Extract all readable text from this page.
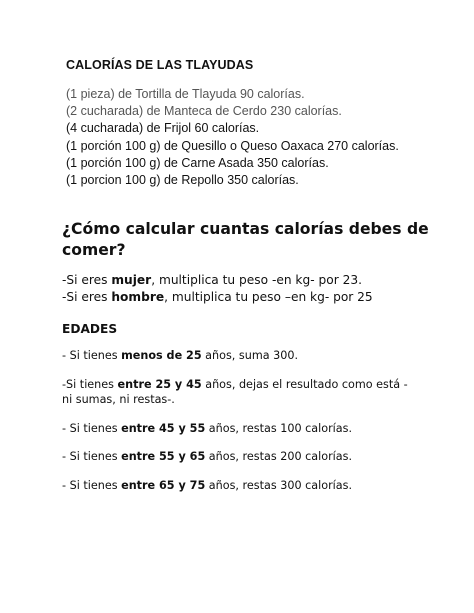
CALORÍAS DE LAS TLAYUDAS
(1 pieza) de Tortilla de Tlayuda 90 calorías.
(2 cucharada) de Manteca de Cerdo 230 calorías.
(4 cucharada) de Frijol 60 calorías.
(1 porción 100 g) de Quesillo o Queso Oaxaca 270 calorías.
(1 porción 100 g) de Carne Asada 350 calorías.
(1 porcion 100 g) de Repollo 350 calorías.
¿Cómo calcular cuantas calorías debes de
comer?
-Si eres mujer, multiplica tu peso -en kg- por 23.
-Si eres hombre, multiplica tu peso –en kg- por 25
EDADES
- Si tienes menos de 25 años, suma 300.
-Si tienes entre 25 y 45 años, dejas el resultado como está -
ni sumas, ni restas-.
- Si tienes entre 45 y 55 años, restas 100 calorías.
- Si tienes entre 55 y 65 años, restas 200 calorías.
- Si tienes entre 65 y 75 años, restas 300 calorías.
